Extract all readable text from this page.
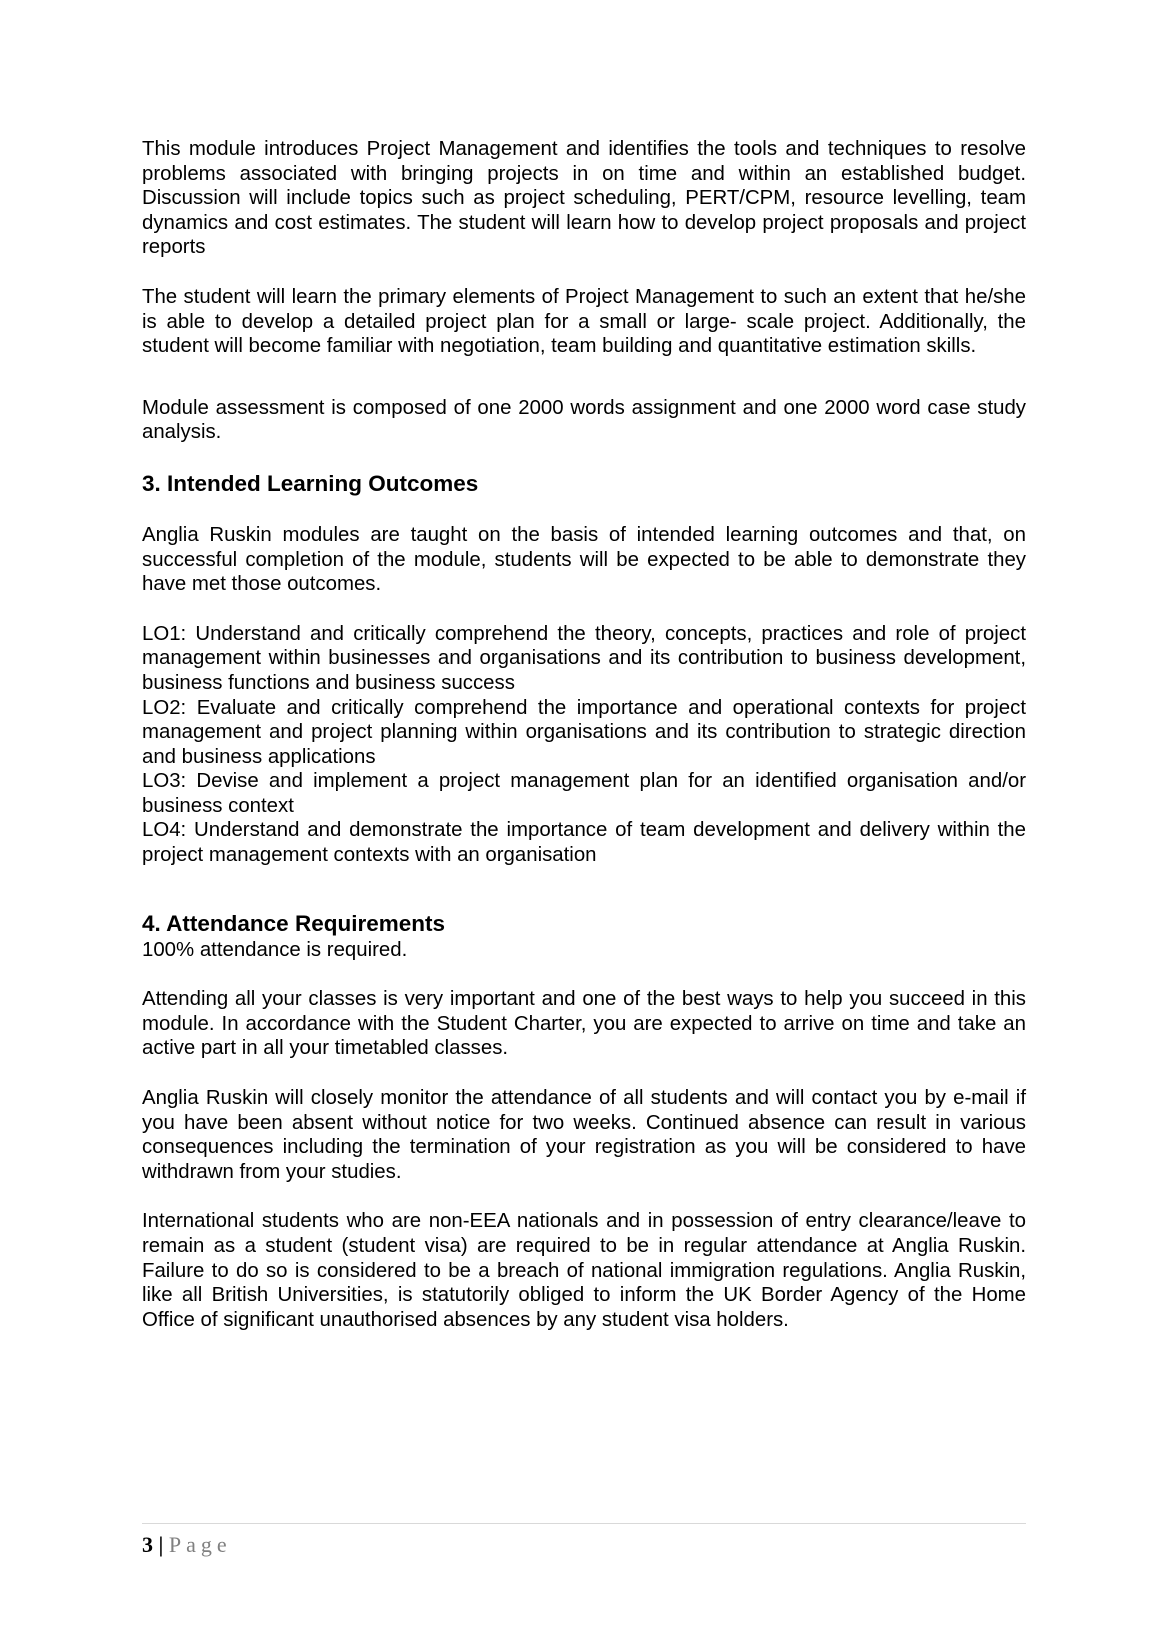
This module introduces Project Management and identifies the tools and techniques to resolve problems associated with bringing projects in on time and within an established budget. Discussion will include topics such as project scheduling, PERT/CPM, resource levelling, team dynamics and cost estimates. The student will learn how to develop project proposals and project reports

The student will learn the primary elements of Project Management to such an extent that he/she is able to develop a detailed project plan for a small or large- scale project. Additionally, the student will become familiar with negotiation, team building and quantitative estimation skills.

Module assessment is composed of one 2000 words assignment and one 2000 word case study analysis.

3. Intended Learning Outcomes

Anglia Ruskin modules are taught on the basis of intended learning outcomes and that, on successful completion of the module, students will be expected to be able to demonstrate they have met those outcomes.

LO1: Understand and critically comprehend the theory, concepts, practices and role of project management within businesses and organisations and its contribution to business development, business functions and business success

LO2: Evaluate and critically comprehend the importance and operational contexts for project management and project planning within organisations and its contribution to strategic direction and business applications

LO3: Devise and implement a project management plan for an identified organisation and/or business context

LO4: Understand and demonstrate the importance of team development and delivery within the project management contexts with an organisation

4. Attendance Requirements

100% attendance is required.

Attending all your classes is very important and one of the best ways to help you succeed in this module. In accordance with the Student Charter, you are expected to arrive on time and take an active part in all your timetabled classes.

Anglia Ruskin will closely monitor the attendance of all students and will contact you by e-mail if you have been absent without notice for two weeks. Continued absence can result in various consequences including the termination of your registration as you will be considered to have withdrawn from your studies.

International students who are non-EEA nationals and in possession of entry clearance/leave to remain as a student (student visa) are required to be in regular attendance at Anglia Ruskin. Failure to do so is considered to be a breach of national immigration regulations. Anglia Ruskin, like all British Universities, is statutorily obliged to inform the UK Border Agency of the Home Office of significant unauthorised absences by any student visa holders.

3 | Page
